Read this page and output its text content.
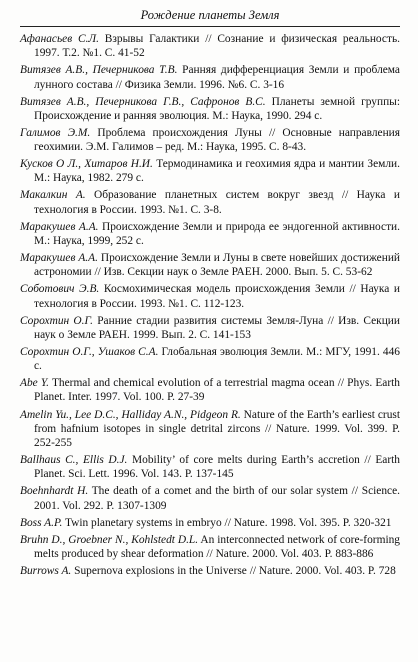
Рождение планеты Земля
Афанасьев С.Л. Взрывы Галактики // Сознание и физическая реальность. 1997. Т.2. №1. С. 41-52
Витязев А.В., Печерникова Т.В. Ранняя дифференциация Земли и проблема лунного состава // Физика Земли. 1996. №6. С. 3-16
Витязев А.В., Печерникова Г.В., Сафронов В.С. Планеты земной группы: Происхождение и ранняя эволюция. М.: Наука, 1990. 294 с.
Галимов Э.М. Проблема происхождения Луны // Основные направления геохимии. Э.М. Галимов – ред. М.: Наука, 1995. С. 8-43.
Кусков О Л., Хитаров Н.И. Термодинамика и геохимия ядра и мантии Земли. М.: Наука, 1982. 279 с.
Макалкин А. Образование планетных систем вокруг звезд // Наука и технология в России. 1993. №1. С. 3-8.
Маракушев А.А. Происхождение Земли и природа ее эндогенной активности. М.: Наука, 1999, 252 с.
Маракушев А.А. Происхождение Земли и Луны в свете новейших достижений астрономии // Изв. Секции наук о Земле РАЕН. 2000. Вып. 5. С. 53-62
Соботович Э.В. Космохимическая модель происхождения Земли // Наука и технология в России. 1993. №1. С. 112-123.
Сорохтин О.Г. Ранние стадии развития системы Земля-Луна // Изв. Секции наук о Земле РАЕН. 1999. Вып. 2. С. 141-153
Сорохтин О.Г., Ушаков С.А. Глобальная эволюция Земли. М.: МГУ, 1991. 446 с.
Abe Y. Thermal and chemical evolution of a terrestrial magma ocean // Phys. Earth Planet. Inter. 1997. Vol. 100. P. 27-39
Amelin Yu., Lee D.C., Halliday A.N., Pidgeon R. Nature of the Earth’s earliest crust from hafnium isotopes in single detrital zircons // Nature. 1999. Vol. 399. P. 252-255
Ballhaus C., Ellis D.J. Mobility’ of core melts during Earth’s accretion // Earth Planet. Sci. Lett. 1996. Vol. 143. P. 137-145
Boehnhardt H. The death of a comet and the birth of our solar system // Science. 2001. Vol. 292. P. 1307-1309
Boss A.P. Twin planetary systems in embryo // Nature. 1998. Vol. 395. P. 320-321
Bruhn D., Groebner N., Kohlstedt D.L. An interconnected network of core-forming melts produced by shear deformation // Nature. 2000. Vol. 403. P. 883-886
Burrows A. Supernova explosions in the Universe // Nature. 2000. Vol. 403. P. 728
